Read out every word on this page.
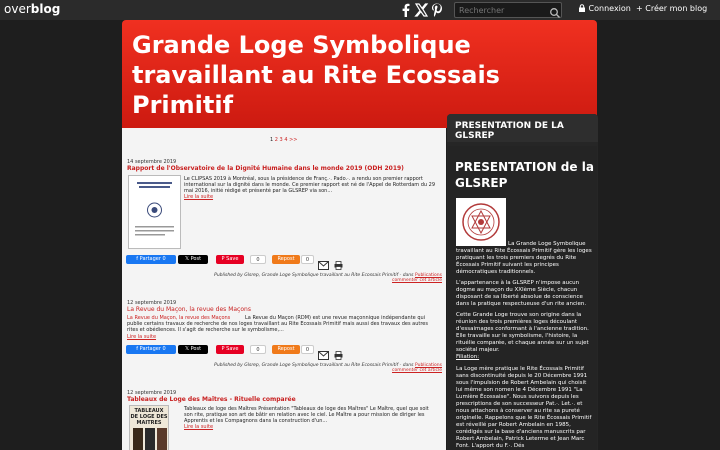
overblog
Rechercher	Connexion + Créer mon blog
Grande Loge Symbolique travaillant au Rite Ecossais Primitif
1 2 3 4 >>
14 septembre 2019
Rapport de l'Observatoire de la Dignité Humaine dans le monde 2019 (ODH 2019)
Le CLIPSAS 2019 à Montréal, sous la présidence de Franç.·. Pado.·. a rendu son premier rapport international sur la dignité dans le monde. Ce premier rapport est né de l'Appel de Rotterdam du 29 mai 2016, initié rédigé et présenté par la GLSREP via son...
Lire la suite
f Partager 0	𝕏 Post	P Save	0	Repost	0
Published by Glsrep, Grande Loge Symbolique travaillant au Rite Ecossais Primitif - dans Publications
commenter cet article
12 septembre 2019
La Revue du Maçon, la revue des Maçons
La Revue du Maçon, la revue des Maçons	La Revue du Maçon (RDM) est une revue maçonnique indépendante qui
publie certains travaux de recherche de nos loges travaillant au Rite Ecossais Primitif mais aussi des travaux des autres rites et obédiences. Il s'agit de recherche sur le symbolisme,...
Lire la suite
f Partager 0	𝕏 Post	P Save	0	Repost	0
Published by Glsrep, Grande Loge Symbolique travaillant au Rite Ecossais Primitif - dans Publications
commenter cet article
12 septembre 2019
Tableaux de Loge des Maîtres - Rituelle comparée
TABLEAUX DE LOGE DES MAITRES
Tableaux de loge des Maîtres Présentation "Tableaux de loge des Maîtres" Le Maître, quel que soit son rite, pratique son art de bâtir en relation avec le ciel. Le Maître a pour mission de diriger les Apprentis et les Compagnons dans la construction d'un...
Lire la suite
PRESENTATION DE LA GLSREP
PRESENTATION de la GLSREP
La Grande Loge Symbolique travaillant au Rite Écossais Primitif gère les loges pratiquant les trois premiers degrés du Rite Écossais Primitif suivant les principes démocratiques traditionnels.
L'appartenance à la GLSREP n'impose aucun dogme au maçon du XXIème Siècle, chacun disposant de sa liberté absolue de conscience dans la pratique respectueuse d'un rite ancien.
Cette Grande Loge trouve son origine dans la réunion des trois premières loges découlant d'essaimages conformant à l'ancienne tradition. Elle travaille sur le symbolisme, l'histoire, la rituélie comparée, et chaque année sur un sujet sociétal majeur.
Filiation:
La Loge mère pratique le Rite Écossais Primitif sans discontinuité depuis le 20 Décembre 1991 sous l'impulsion de Robert Ambelain qui choisit lui même son nomen le 4 Décembre 1991 "La Lumière Écossaise". Nous suivons depuis les prescriptions de son successeur Pat.·. Let.·. et nous attachons à conserver au rite sa pureté originelle. Rappelons que le Rite Écossais Primitif est réveillé par Robert Ambelain en 1985, corédigés sur la base d'anciens manuscrits par Robert Ambelain, Patrick Leterme et Jean Marc Font. L'apport du F.·. Dés
